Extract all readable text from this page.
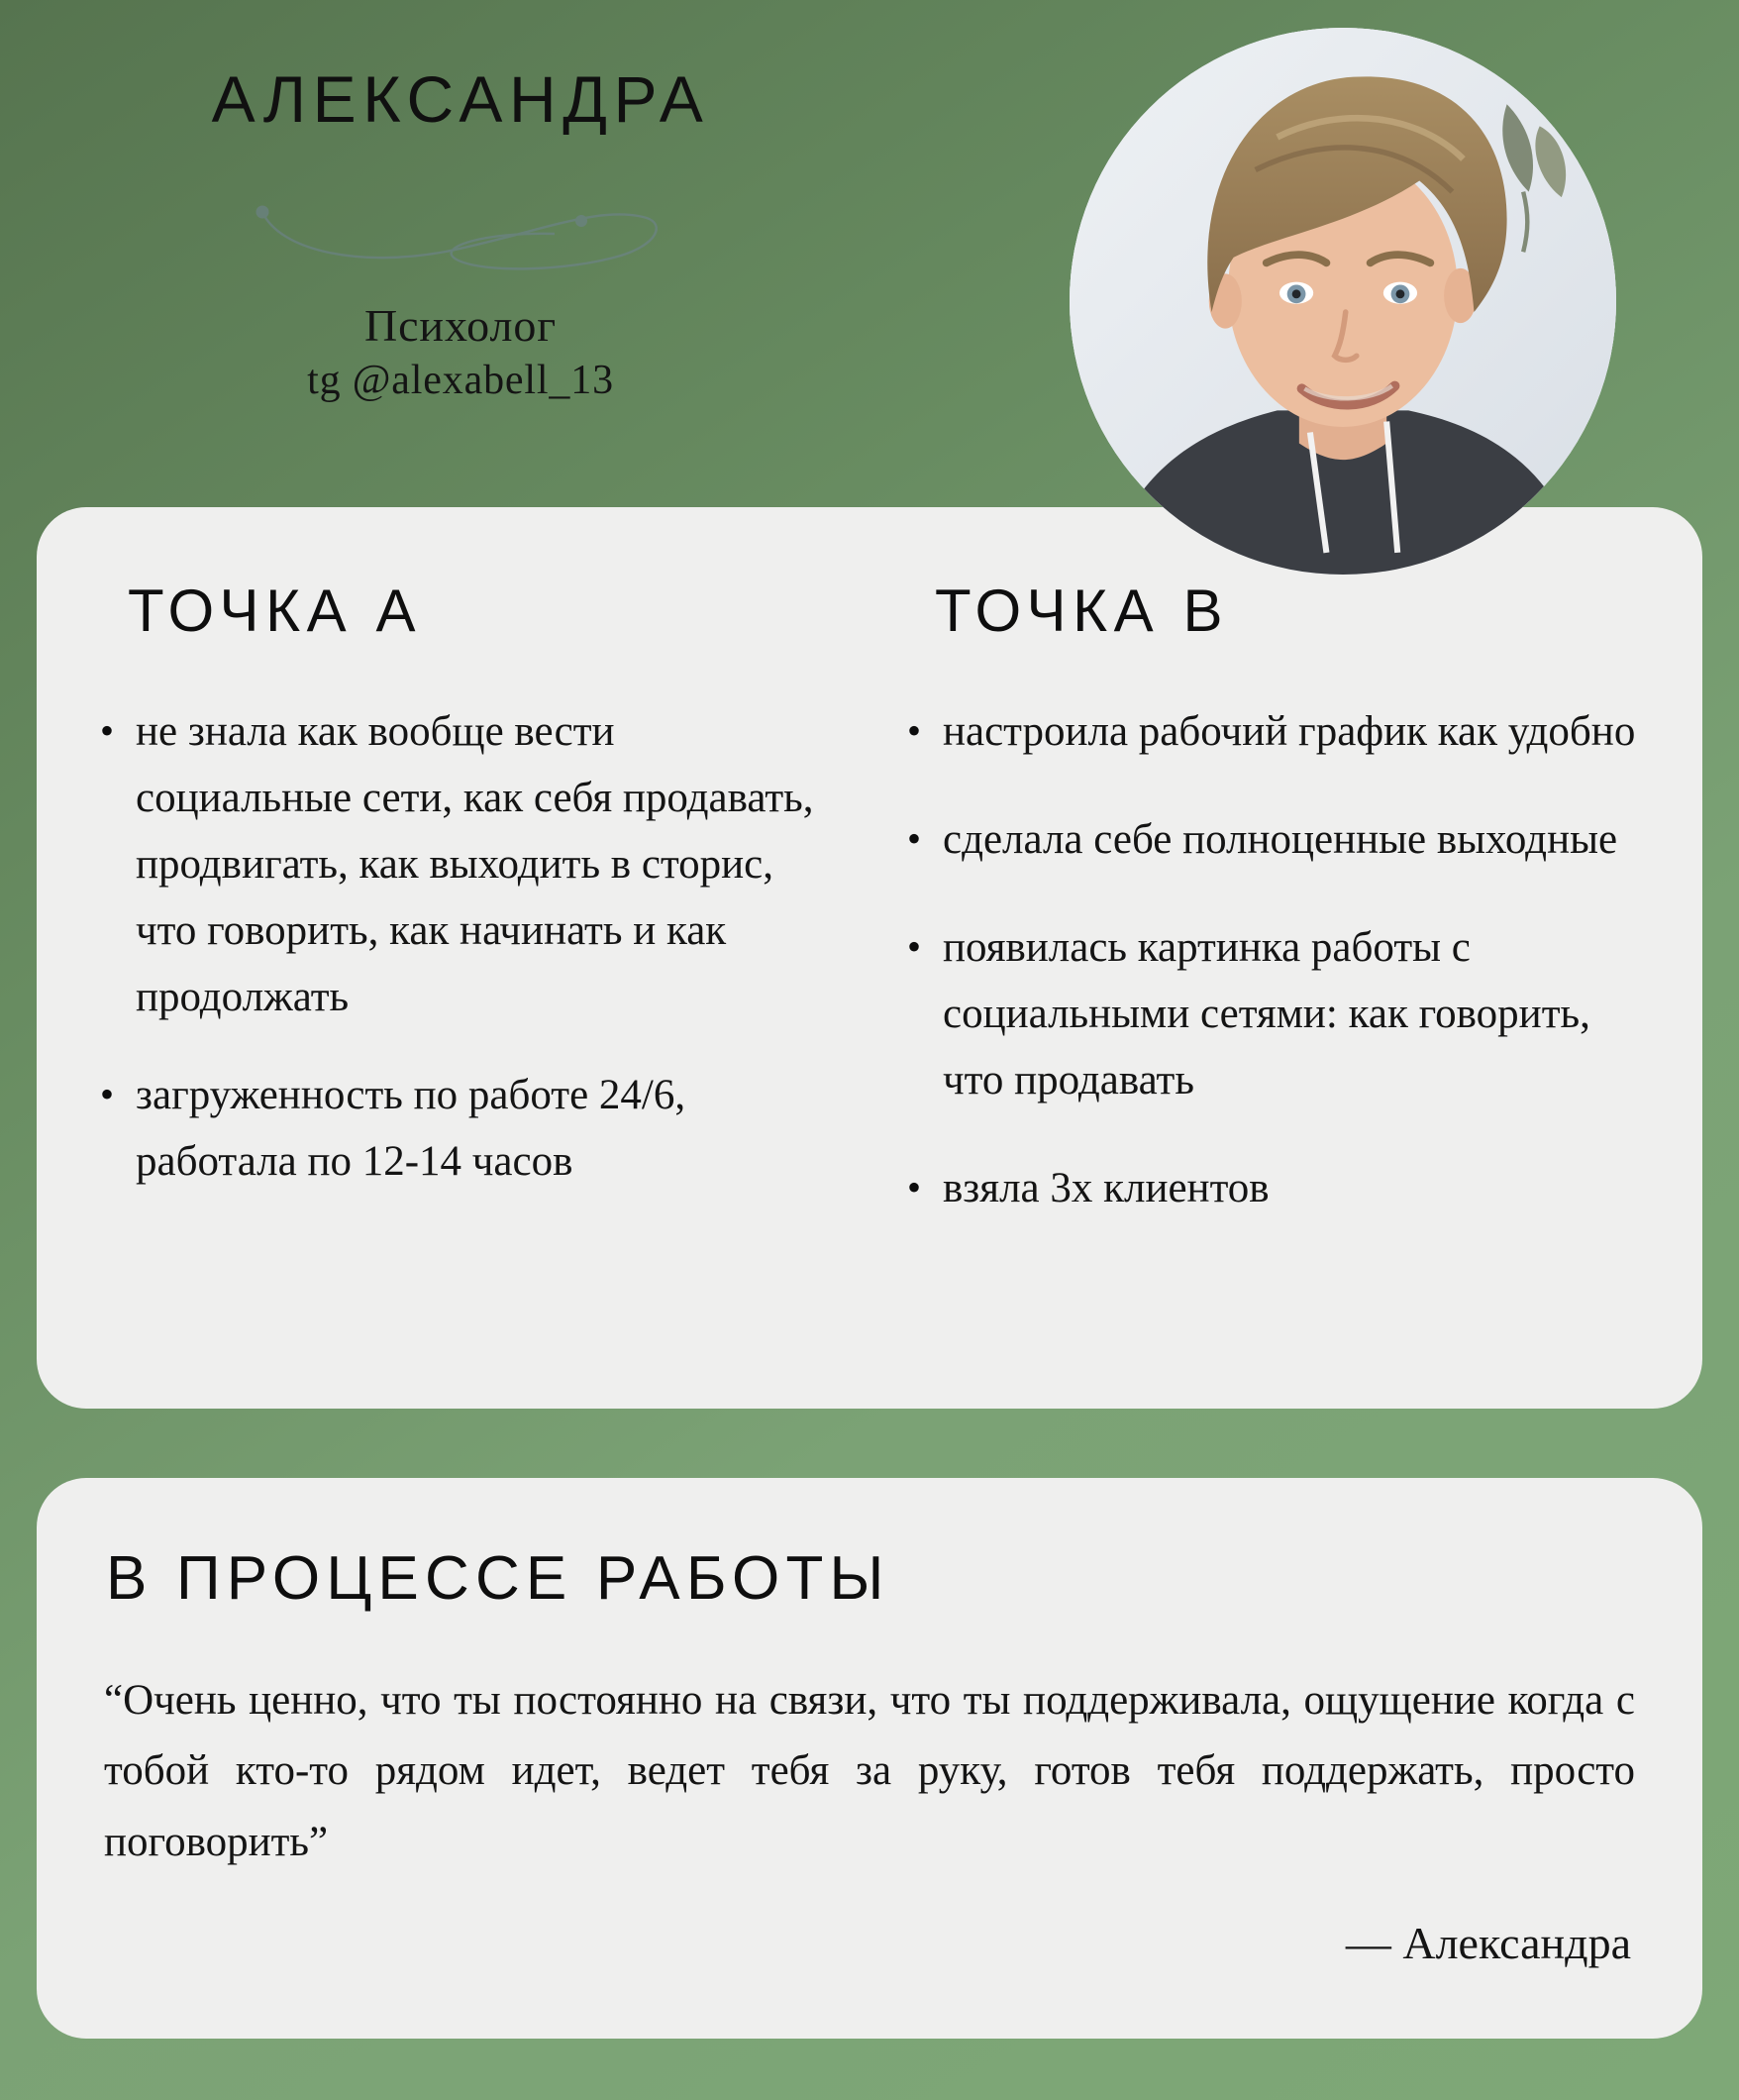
АЛЕКСАНДРА
Психолог
tg @alexabell_13
ТОЧКА А
• не знала как вообще вести социальные сети, как себя продавать, продвигать, как выходить в сторис, что говорить, как начинать и как продолжать
• загруженность по работе 24/6, работала по 12-14 часов
ТОЧКА В
• настроила рабочий график как удобно
• сделала себе полноценные выходные
• появилась картинка работы с социальными сетями: как говорить, что продавать
• взяла 3х клиентов
В ПРОЦЕССЕ РАБОТЫ
“Очень ценно, что ты постоянно на связи, что ты поддерживала, ощущение когда с тобой кто-то рядом идет, ведет тебя за руку, готов тебя поддержать, просто поговорить”
— Александра
